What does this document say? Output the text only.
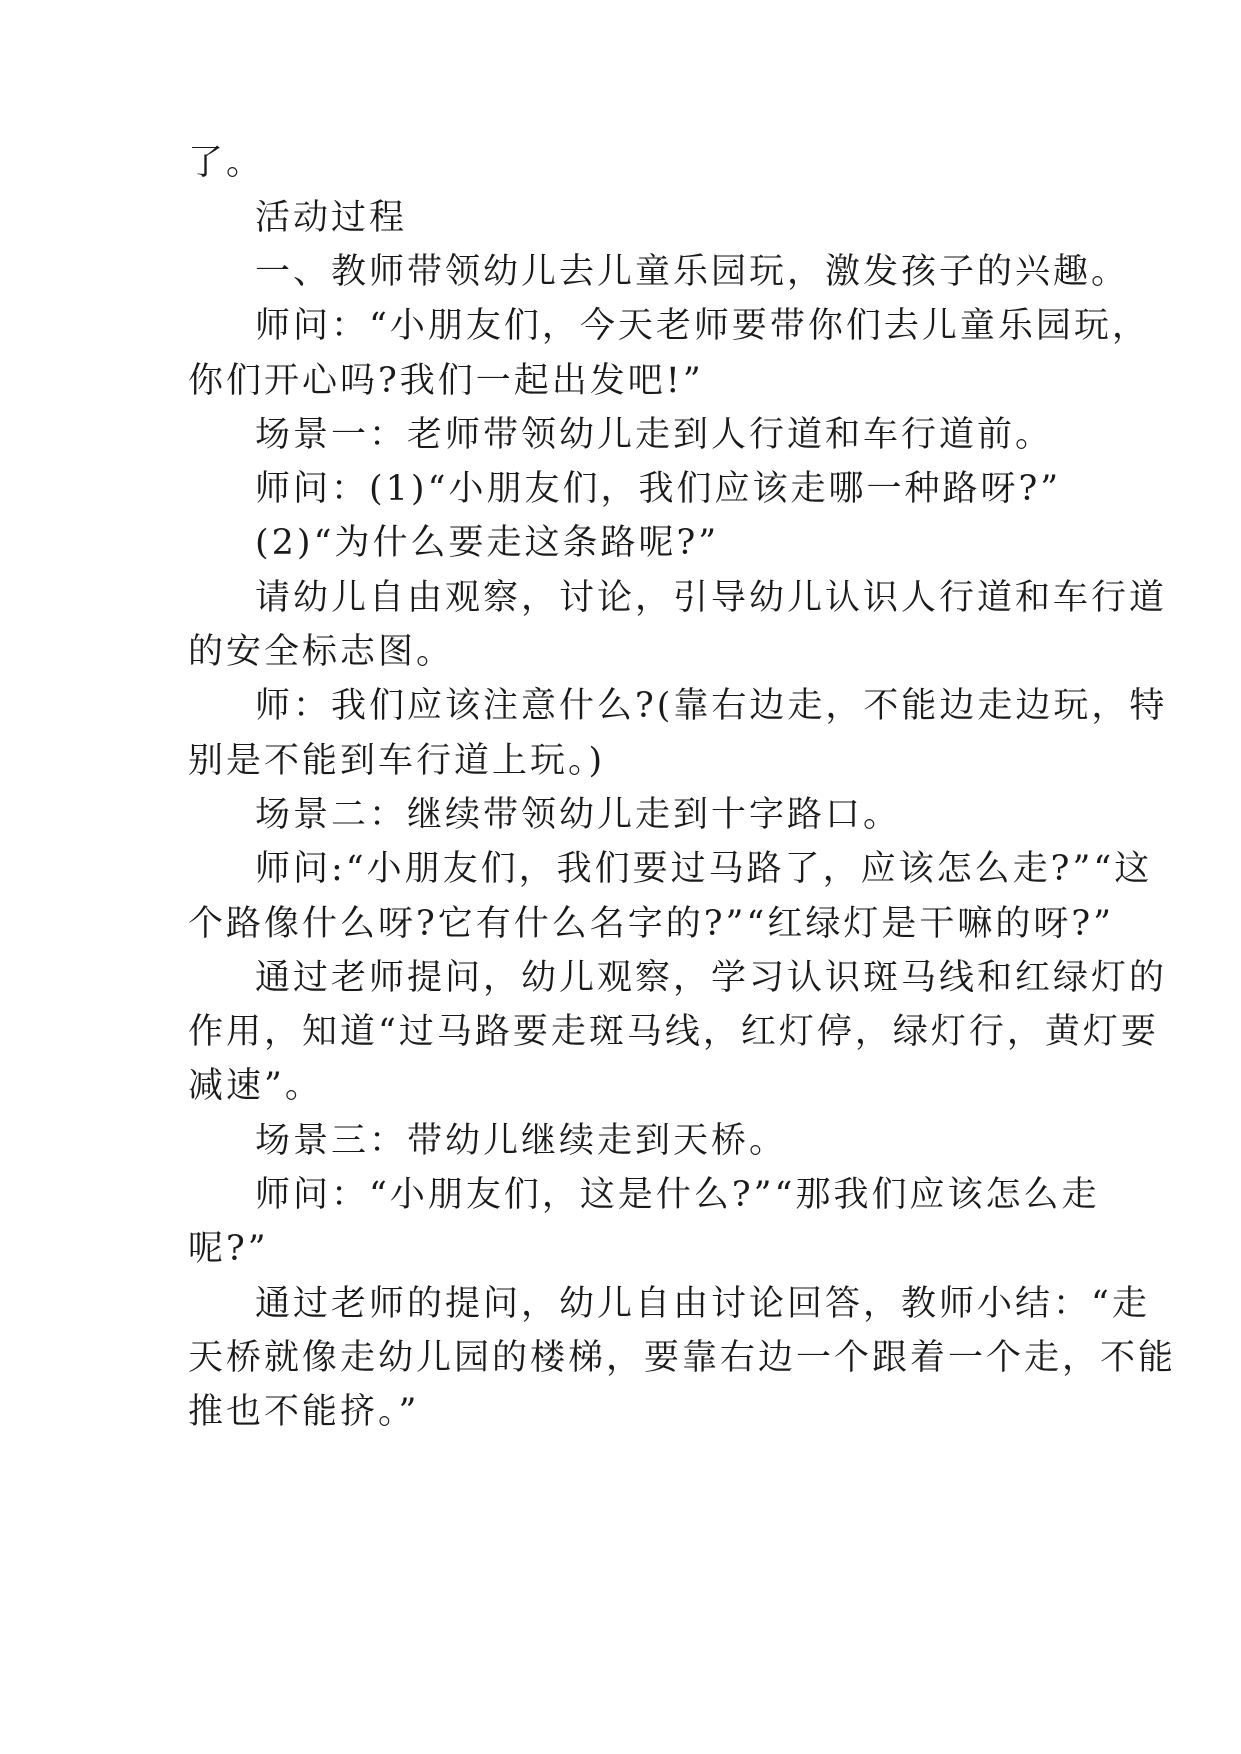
了。
活动过程
一、教师带领幼儿去儿童乐园玩，激发孩子的兴趣。
师问：“小朋友们，今天老师要带你们去儿童乐园玩，
你们开心吗?我们一起出发吧!”
场景一：老师带领幼儿走到人行道和车行道前。
师问：(1)“小朋友们，我们应该走哪一种路呀?”
(2)“为什么要走这条路呢?”
请幼儿自由观察，讨论，引导幼儿认识人行道和车行道
的安全标志图。
师：我们应该注意什么?(靠右边走，不能边走边玩，特
别是不能到车行道上玩。)
场景二：继续带领幼儿走到十字路口。
师问:“小朋友们，我们要过马路了，应该怎么走?”“这
个路像什么呀?它有什么名字的?”“红绿灯是干嘛的呀?”
通过老师提问，幼儿观察，学习认识斑马线和红绿灯的
作用，知道“过马路要走斑马线，红灯停，绿灯行，黄灯要
减速”。
场景三：带幼儿继续走到天桥。
师问：“小朋友们，这是什么?”“那我们应该怎么走
呢?”
通过老师的提问，幼儿自由讨论回答，教师小结：“走
天桥就像走幼儿园的楼梯，要靠右边一个跟着一个走，不能
推也不能挤。”
